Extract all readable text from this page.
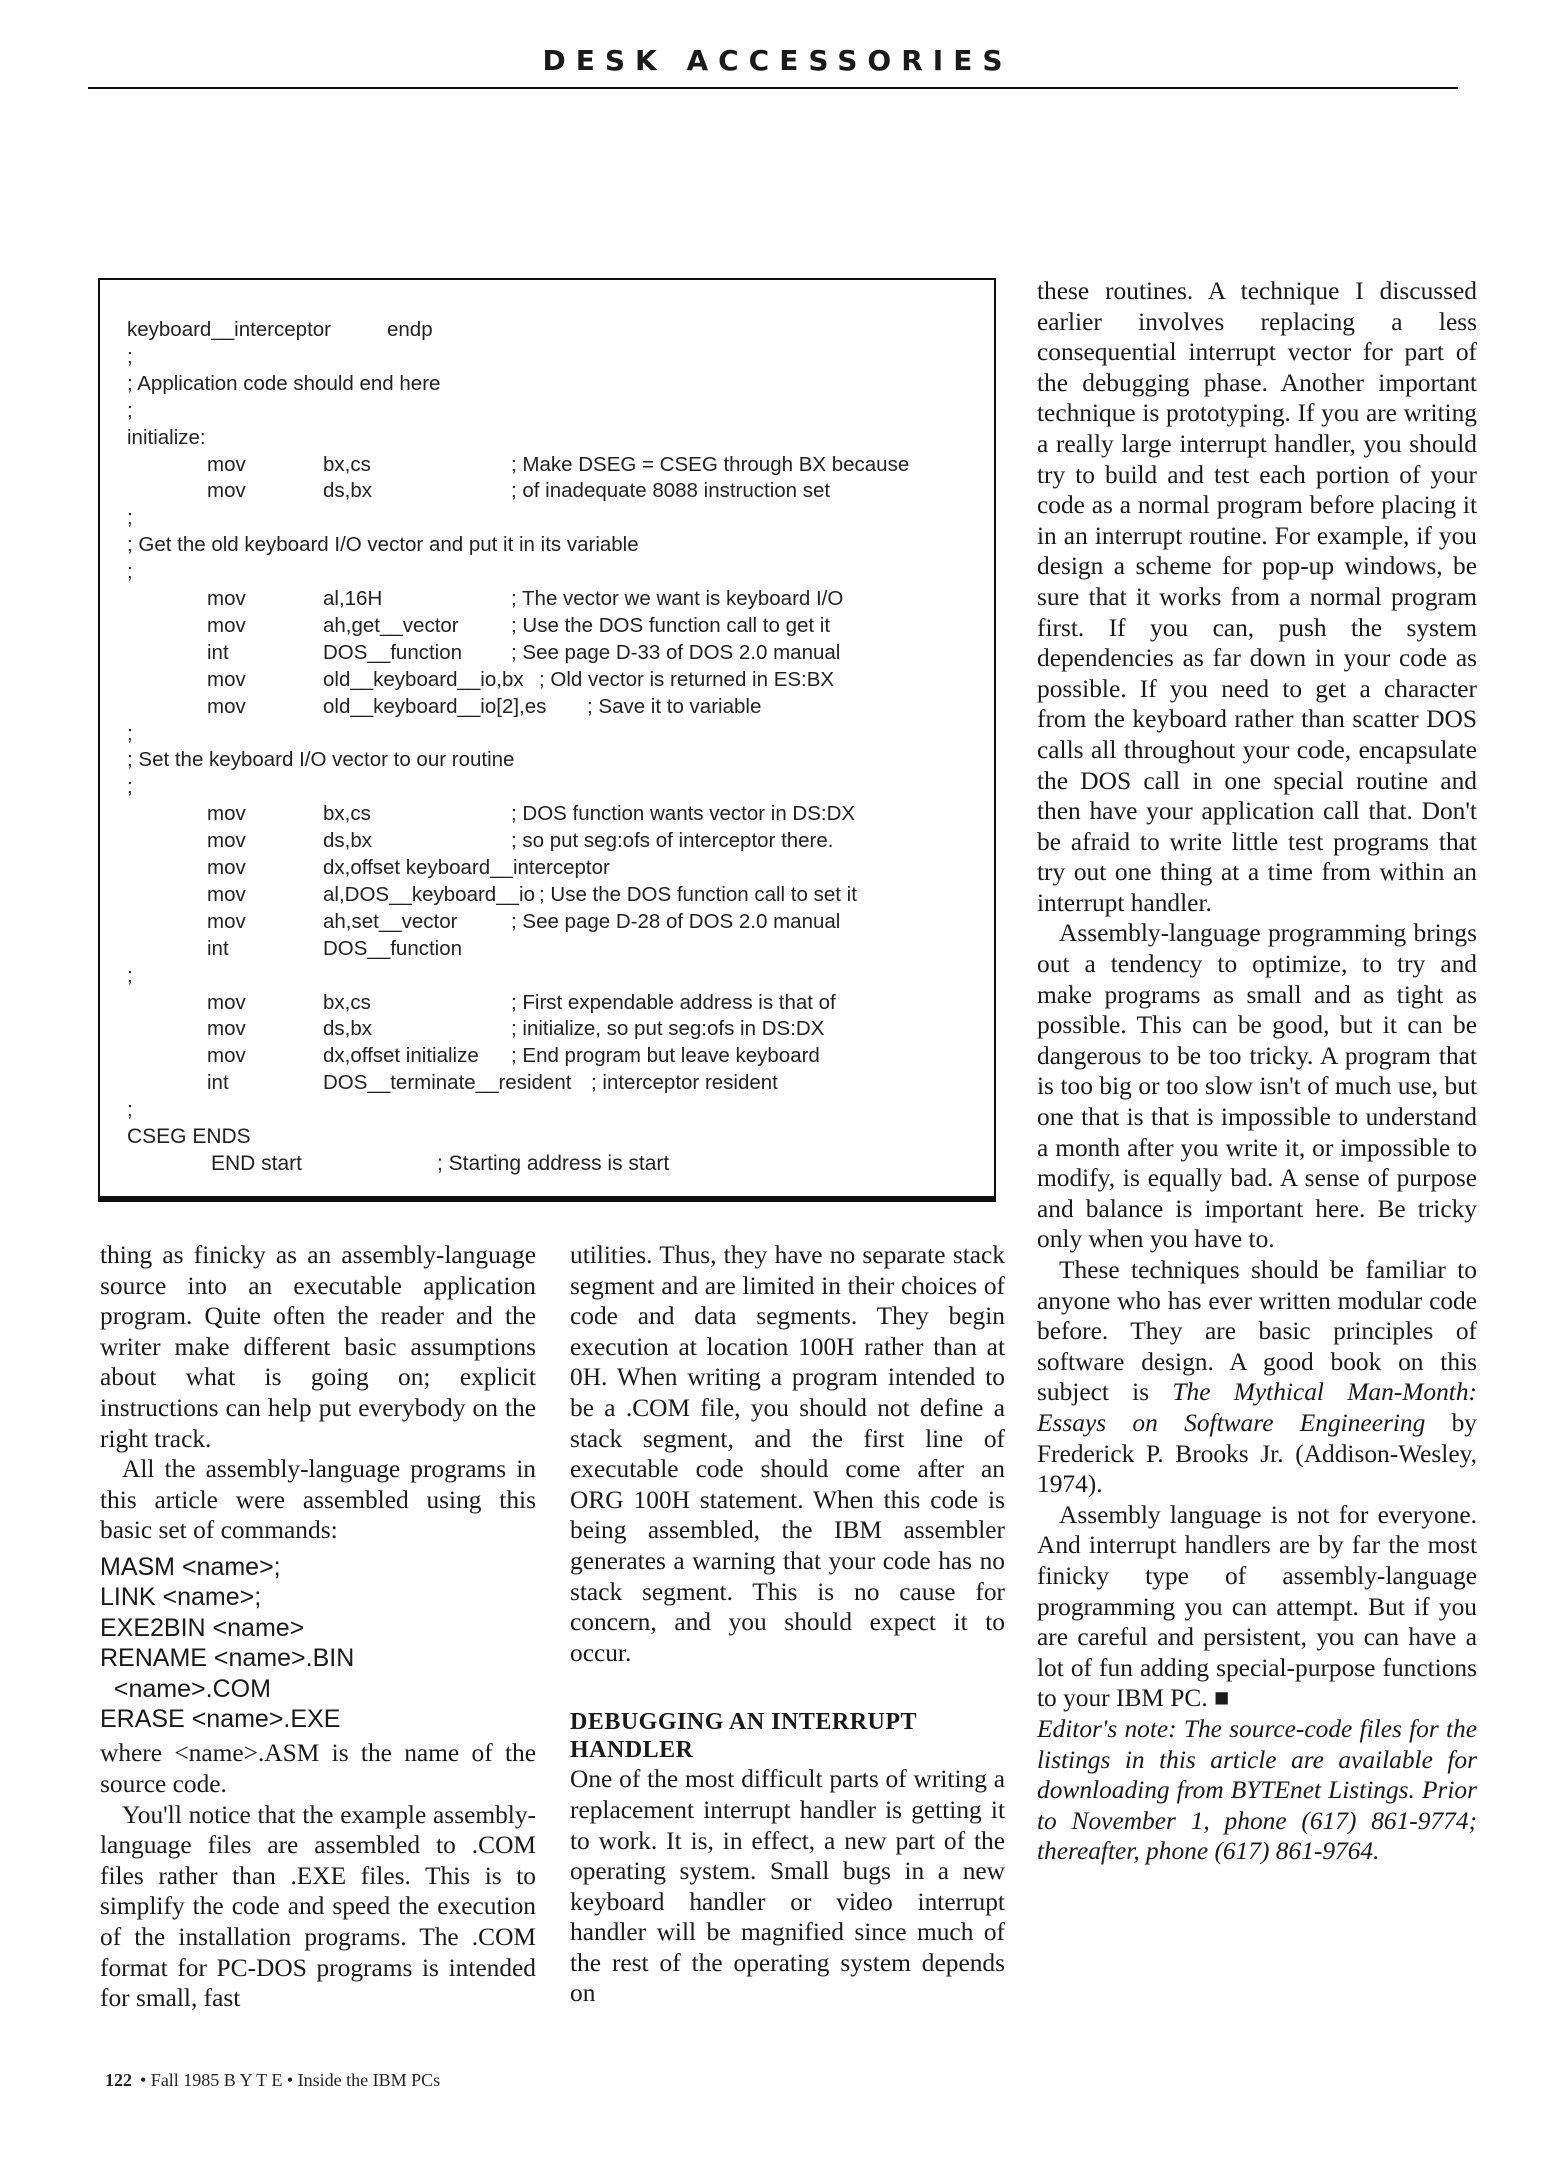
DESK ACCESSORIES
keyboard__interceptor	endp
;
; Application code should end here
;
initialize:
mov	bx,cs	; Make DSEG = CSEG through BX because
mov	ds,bx	; of inadequate 8088 instruction set
;
; Get the old keyboard I/O vector and put it in its variable
;
mov	al,16H	; The vector we want is keyboard I/O
mov	ah,get__vector	; Use the DOS function call to get it
int	DOS__function ; See page D-33 of DOS 2.0 manual
mov	old__keyboard__io,bx ; Old vector is returned in ES:BX
mov	old__keyboard__io[2],es ; Save it to variable
;
; Set the keyboard I/O vector to our routine
;
mov	bx,cs	; DOS function wants vector in DS:DX
mov	ds,bx	; so put seg:ofs of interceptor there.
mov	dx,offset keyboard__interceptor
mov	al,DOS__keyboard__io ; Use the DOS function call to set it
mov	ah,set__vector	; See page D-28 of DOS 2.0 manual
int	DOS__function
;
mov	bx,cs	; First expendable address is that of
mov	ds,bx	; initialize, so put seg:ofs in DS:DX
mov	dx,offset initialize ; End program but leave keyboard
int	DOS__terminate__resident ; interceptor resident
;
CSEG ENDS
END start	; Starting address is start

thing as finicky as an assembly-language source into an executable application program. Quite often the reader and the writer make different basic assumptions about what is going on; explicit instructions can help put everybody on the right track.

All the assembly-language programs in this article were assembled using this basic set of commands:

MASM <name>;
LINK <name>;
EXE2BIN <name>
RENAME <name>.BIN
<name>.COM
ERASE <name>.EXE

where <name>.ASM is the name of the source code.

You'll notice that the example assembly-language files are assembled to .COM files rather than .EXE files. This is to simplify the code and speed the execution of the installation programs. The .COM format for PC-DOS programs is intended for small, fast

utilities. Thus, they have no separate stack segment and are limited in their choices of code and data segments. They begin execution at location 100H rather than at 0H. When writing a program intended to be a .COM file, you should not define a stack segment, and the first line of executable code should come after an ORG 100H statement. When this code is being assembled, the IBM assembler generates a warning that your code has no stack segment. This is no cause for concern, and you should expect it to occur.

DEBUGGING AN INTERRUPT
HANDLER

One of the most difficult parts of writing a replacement interrupt handler is getting it to work. It is, in effect, a new part of the operating system. Small bugs in a new keyboard handler or video interrupt handler will be magnified since much of the rest of the operating system depends on

these routines. A technique I discussed earlier involves replacing a less consequential interrupt vector for part of the debugging phase. Another important technique is prototyping. If you are writing a really large interrupt handler, you should try to build and test each portion of your code as a normal program before placing it in an interrupt routine. For example, if you design a scheme for pop-up windows, be sure that it works from a normal program first. If you can, push the system dependencies as far down in your code as possible. If you need to get a character from the keyboard rather than scatter DOS calls all throughout your code, encapsulate the DOS call in one special routine and then have your application call that. Don't be afraid to write little test programs that try out one thing at a time from within an interrupt handler.

Assembly-language programming brings out a tendency to optimize, to try and make programs as small and as tight as possible. This can be good, but it can be dangerous to be too tricky. A program that is too big or too slow isn't of much use, but one that is that is impossible to understand a month after you write it, or impossible to modify, is equally bad. A sense of purpose and balance is important here. Be tricky only when you have to.

These techniques should be familiar to anyone who has ever written modular code before. They are basic principles of software design. A good book on this subject is The Mythical Man-Month: Essays on Software Engineering by Frederick P. Brooks Jr. (Addison-Wesley, 1974).

Assembly language is not for everyone. And interrupt handlers are by far the most finicky type of assembly-language programming you can attempt. But if you are careful and persistent, you can have a lot of fun adding special-purpose functions to your IBM PC. ■

Editor's note: The source-code files for the listings in this article are available for downloading from BYTEnet Listings. Prior to November 1, phone (617) 861-9774; thereafter, phone (617) 861-9764.

122 • Fall 1985 B Y T E • Inside the IBM PCs
